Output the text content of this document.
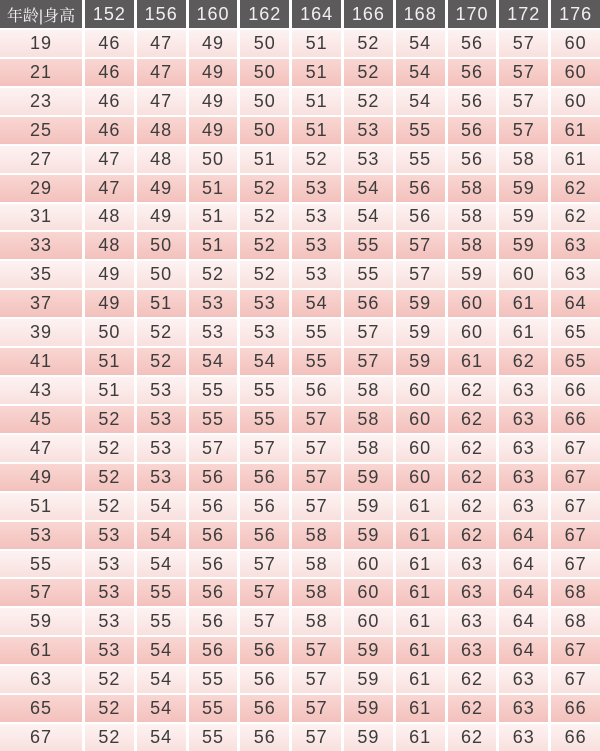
年龄|身高 152	156	160	162	164	166	168	170	172	176
19	46	47	49	50	51	52	54	56	57	60
21	46	47	49	50	51	52	54	56	57	60
23	46	47	49	50	51	52	54	56	57	60
25	46	48	49	50	51	53	55	56	57	61
27	47	48	50	51	52	53	55	56	58	61
29	47	49	51	52	53	54	56	58	59	62
31	48	49	51	52	53	54	56	58	59	62
33	48	50	51	52	53	55	57	58	59	63
35	49	50	52	52	53	55	57	59	60	63
37	49	51	53	53	54	56	59	60	61	64
39	50	52	53	53	55	57	59	60	61	65
41	51	52	54	54	55	57	59	61	62	65
43	51	53	55	55	56	58	60	62	63	66
45	52	53	55	55	57	58	60	62	63	66
47	52	53	57	57	57	58	60	62	63	67
49	52	53	56	56	57	59	60	62	63	67
51	52	54	56	56	57	59	61	62	63	67
53	53	54	56	56	58	59	61	62	64	67
55	53	54	56	57	58	60	61	63	64	67
57	53	55	56	57	58	60	61	63	64	68
59	53	55	56	57	58	60	61	63	64	68
61	53	54	56	56	57	59	61	63	64	67
63	52	54	55	56	57	59	61	62	63	67
65	52	54	55	56	57	59	61	62	63	66
67	52	54	55	56	57	59	61	62	63	66
